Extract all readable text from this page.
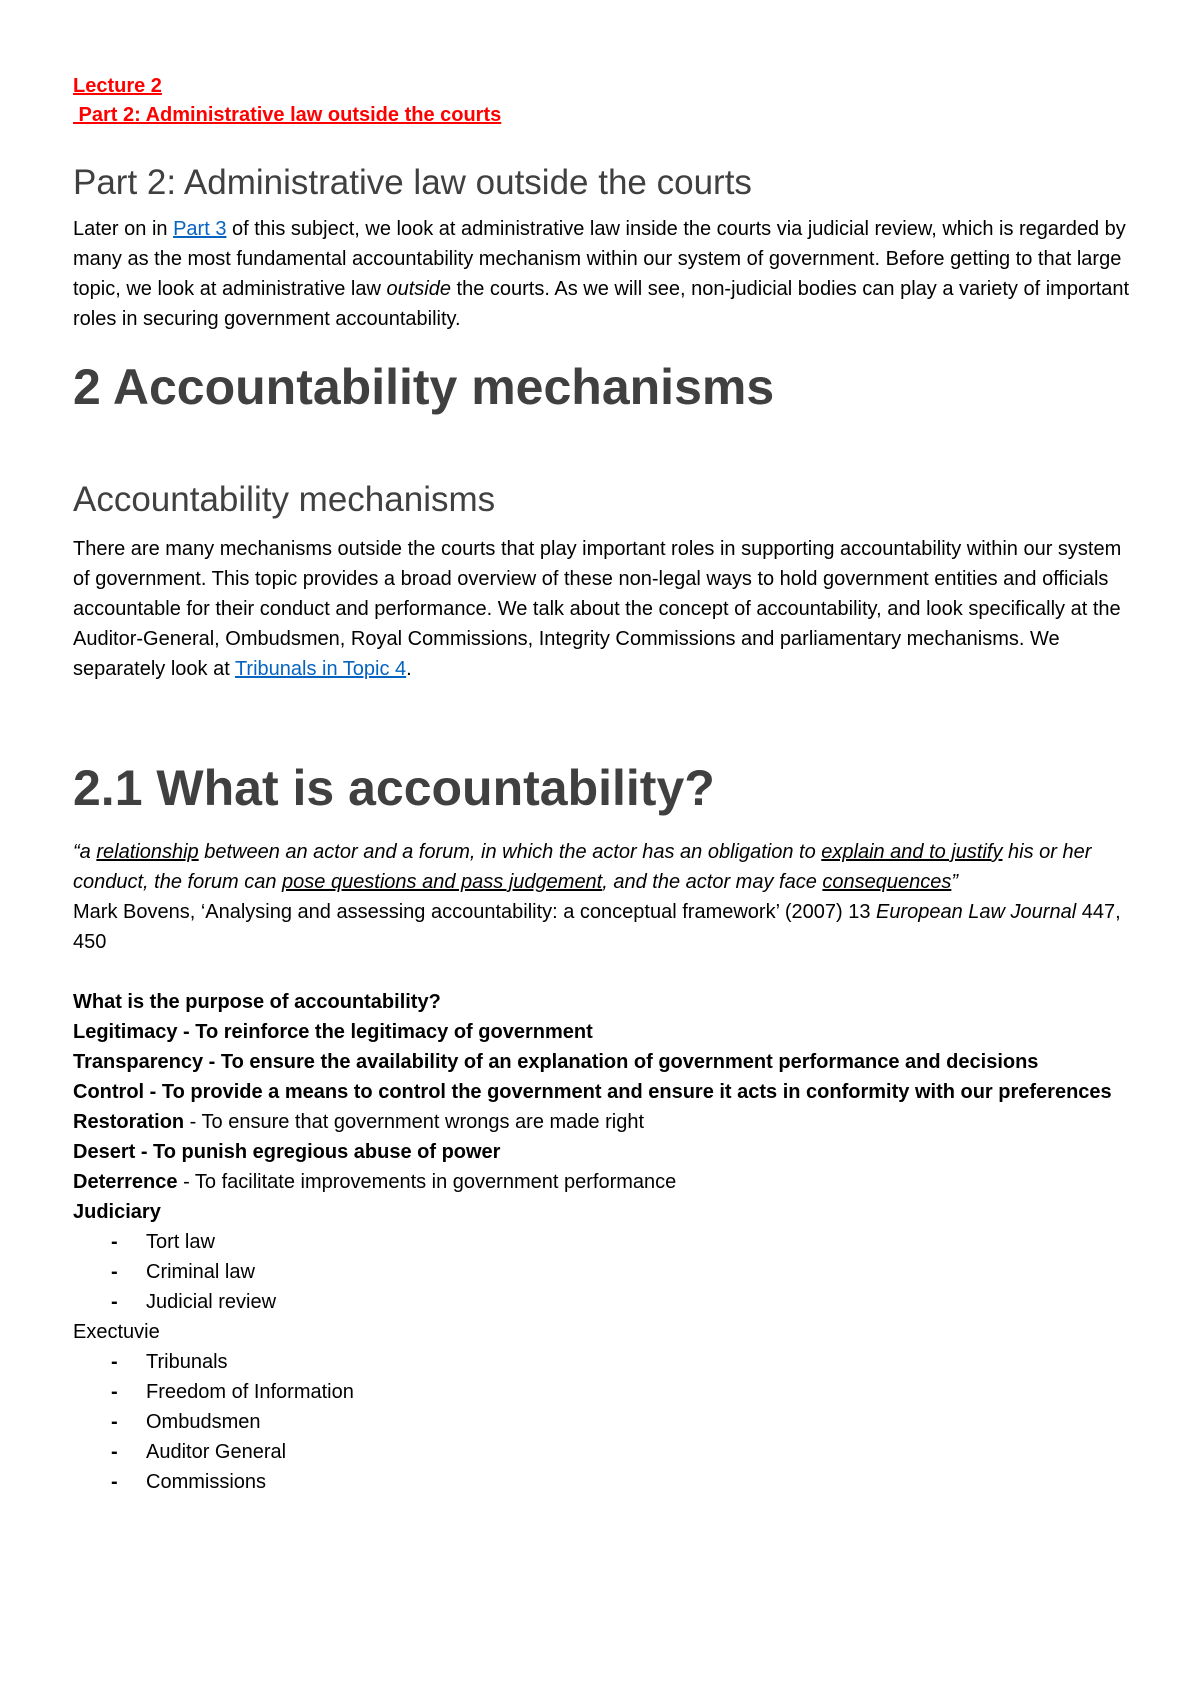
Lecture 2
Part 2: Administrative law outside the courts
Part 2: Administrative law outside the courts
Later on in Part 3 of this subject, we look at administrative law inside the courts via judicial review, which is regarded by many as the most fundamental accountability mechanism within our system of government. Before getting to that large topic, we look at administrative law outside the courts. As we will see, non-judicial bodies can play a variety of important roles in securing government accountability.
2 Accountability mechanisms
Accountability mechanisms
There are many mechanisms outside the courts that play important roles in supporting accountability within our system of government. This topic provides a broad overview of these non-legal ways to hold government entities and officials accountable for their conduct and performance. We talk about the concept of accountability, and look specifically at the Auditor-General, Ombudsmen, Royal Commissions, Integrity Commissions and parliamentary mechanisms. We separately look at Tribunals in Topic 4.
2.1 What is accountability?
“a relationship between an actor and a forum, in which the actor has an obligation to explain and to justify his or her conduct, the forum can pose questions and pass judgement, and the actor may face consequences”
Mark Bovens, ‘Analysing and assessing accountability: a conceptual framework’ (2007) 13 European Law Journal 447, 450
What is the purpose of accountability?
Legitimacy - To reinforce the legitimacy of government
Transparency - To ensure the availability of an explanation of government performance and decisions
Control - To provide a means to control the government and ensure it acts in conformity with our preferences
Restoration - To ensure that government wrongs are made right
Desert - To punish egregious abuse of power
Deterrence - To facilitate improvements in government performance
Judiciary
- Tort law
- Criminal law
- Judicial review
Exectuvie
- Tribunals
- Freedom of Information
- Ombudsmen
- Auditor General
- Commissions
